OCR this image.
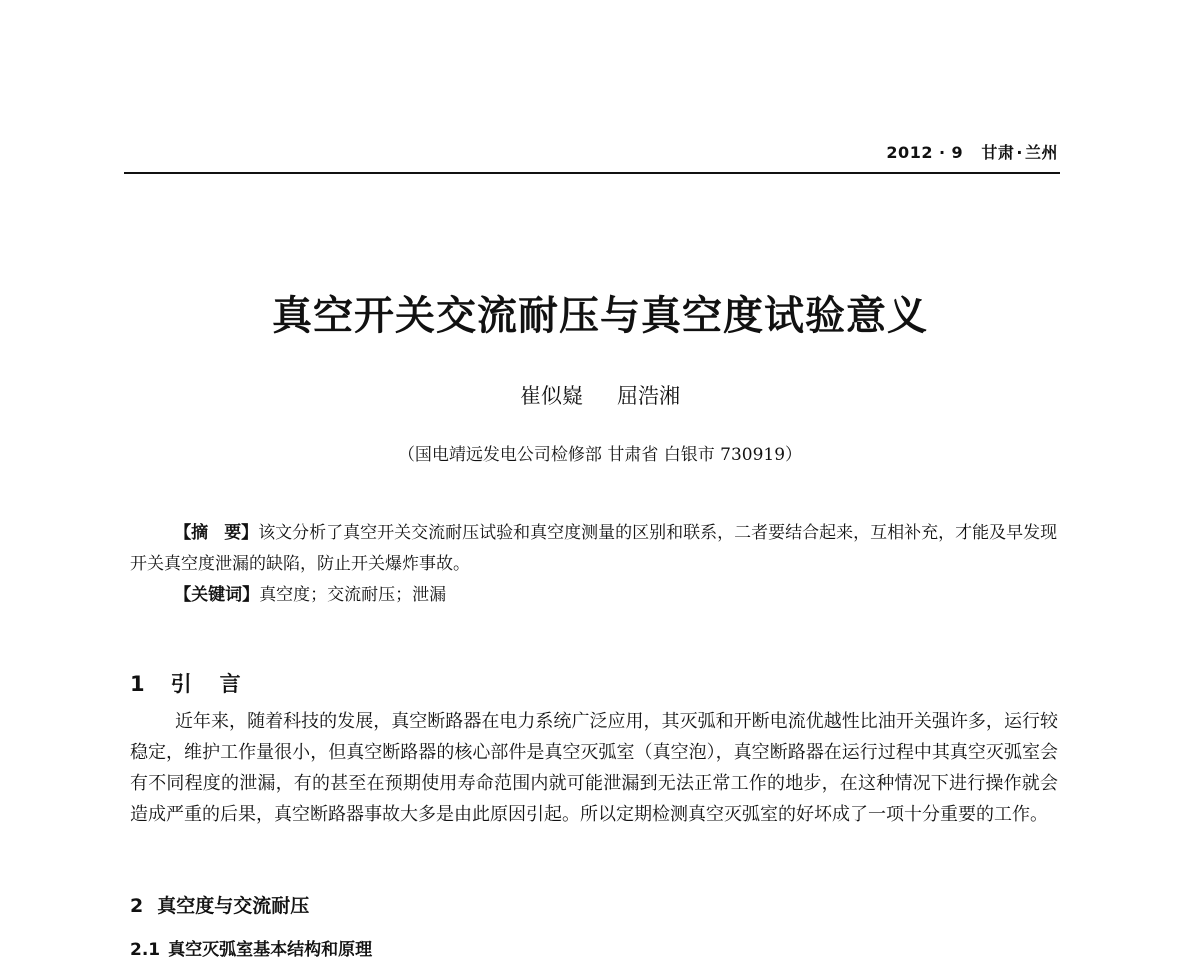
2012 · 9 甘肃 · 兰州
真空开关交流耐压与真空度试验意义
崔似嶷 屈浩湘
（国电靖远发电公司检修部 甘肃省 白银市 730919）

【摘 要】该文分析了真空开关交流耐压试验和真空度测量的区别和联系，二者要结合起来，互相补充，才能及早发现开关真空度泄漏的缺陷，防止开关爆炸事故。

【关键词】真空度；交流耐压；泄漏

1 引 言

近年来，随着科技的发展，真空断路器在电力系统广泛应用，其灭弧和开断电流优越性比油开关强许多，运行较稳定，维护工作量很小，但真空断路器的核心部件是真空灭弧室（真空泡），真空断路器在运行过程中其真空灭弧室会有不同程度的泄漏，有的甚至在预期使用寿命范围内就可能泄漏到无法正常工作的地步，在这种情况下进行操作就会造成严重的后果，真空断路器事故大多是由此原因引起。所以定期检测真空灭弧室的好坏成了一项十分重要的工作。

2 真空度与交流耐压
2.1 真空灭弧室基本结构和原理
